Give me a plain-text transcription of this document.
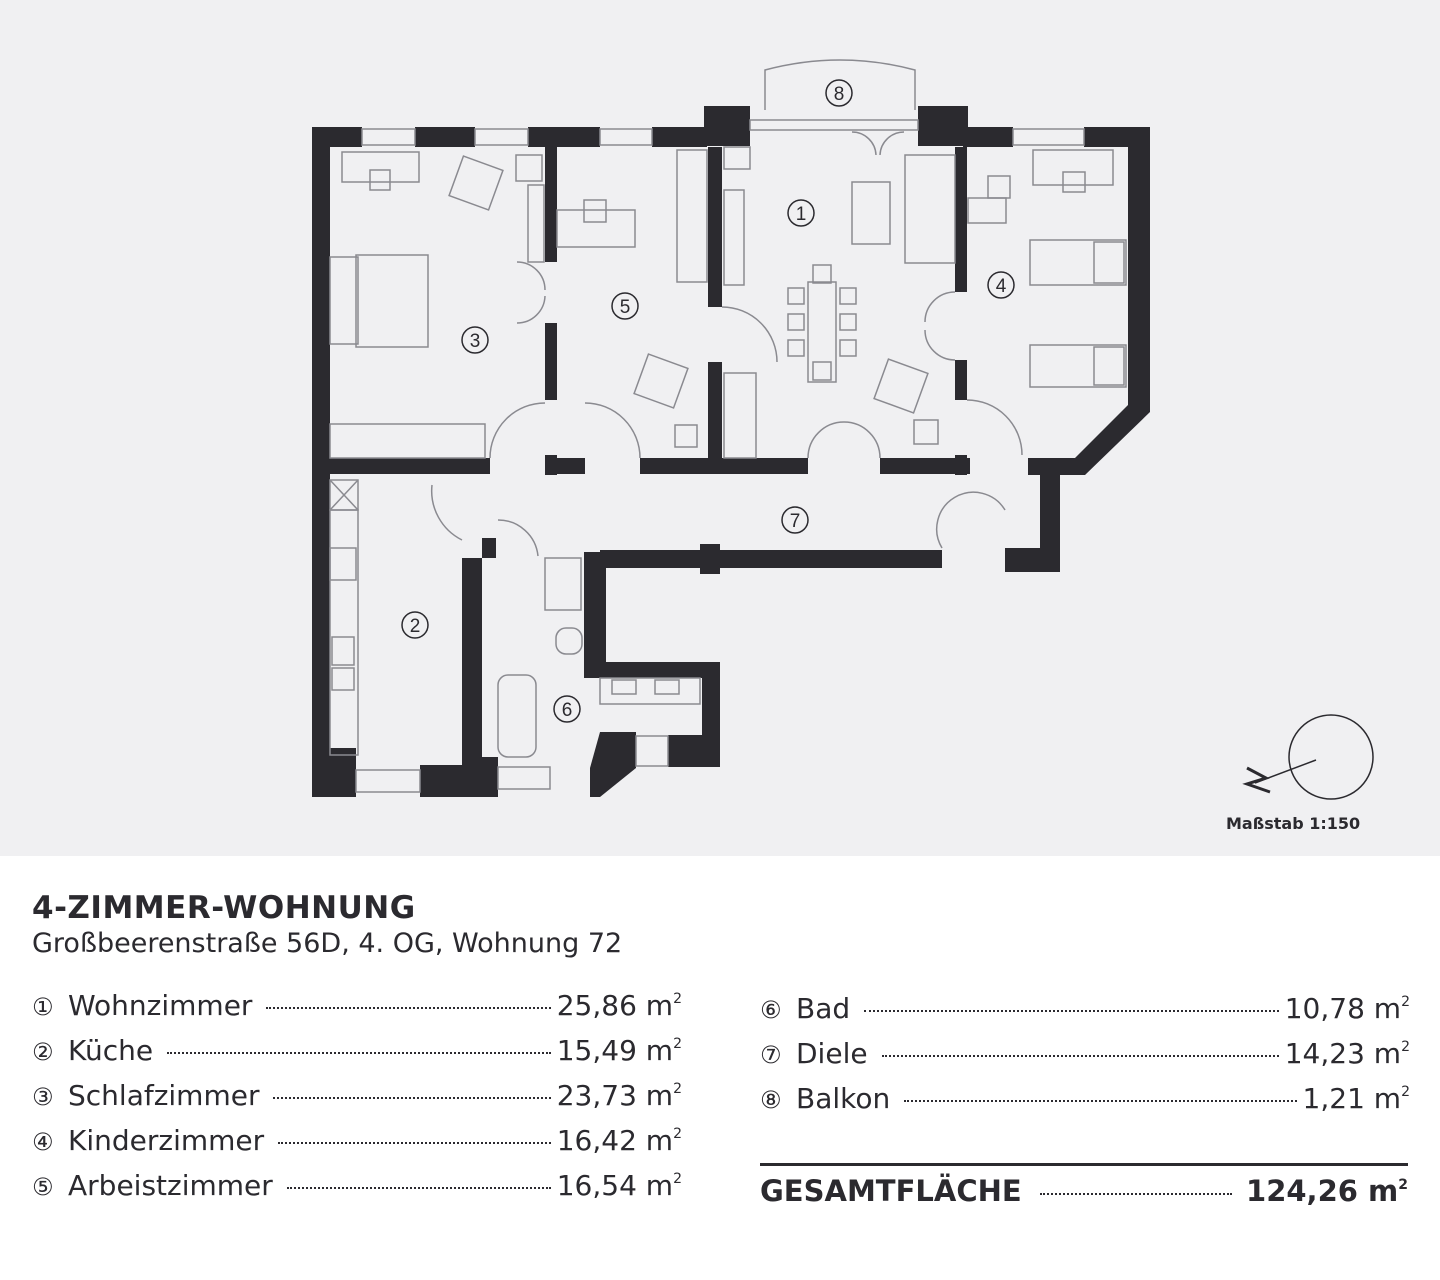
1
2
3
4
5
6
7
8
Maßstab 1:150
4-ZIMMER-WOHNUNG
Großbeerenstraße 56D, 4. OG, Wohnung 72
① Wohnzimmer	25,86 $m^2$
② Küche	15,49 $m^2$
③ Schlafzimmer	23,73 $m^2$
④ Kinderzimmer	16,42 $m^2$
⑤ Arbeistzimmer	16,54 $m^2$
⑥ Bad	10,78 $m^2$
⑦ Diele	14,23 $m^2$
⑧ Balkon	1,21 $m^2$
GESAMTFLÄCHE	124,26 $m^2$
